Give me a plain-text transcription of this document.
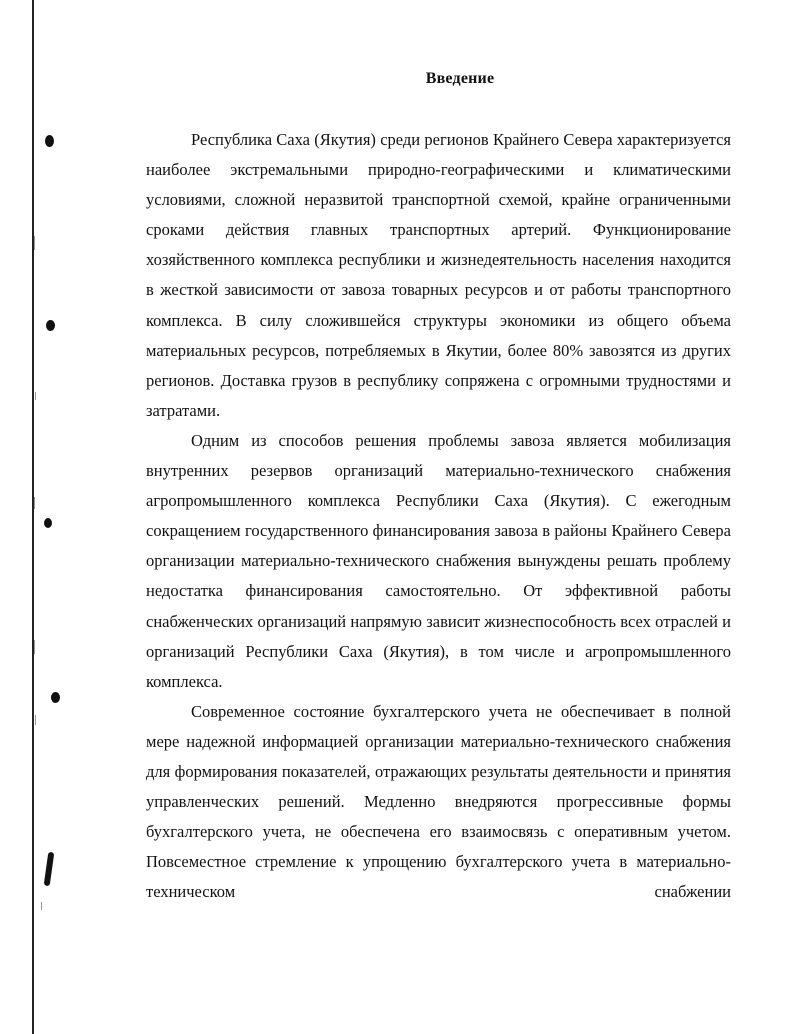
Введение

Республика Саха (Якутия) среди регионов Крайнего Севера характеризуется наиболее экстремальными природно-географическими и климатическими условиями, сложной неразвитой транспортной схемой, крайне ограниченными сроками действия главных транспортных артерий. Функционирование хозяйственного комплекса республики и жизнедеятельность населения находится в жесткой зависимости от завоза товарных ресурсов и от работы транспортного комплекса. В силу сложившейся структуры экономики из общего объема материальных ресурсов, потребляемых в Якутии, более 80% завозятся из других регионов. Доставка грузов в республику сопряжена с огромными трудностями и затратами.

Одним из способов решения проблемы завоза является мобилизация внутренних резервов организаций материально-технического снабжения агропромышленного комплекса Республики Саха (Якутия). С ежегодным сокращением государственного финансирования завоза в районы Крайнего Севера организации материально-технического снабжения вынуждены решать проблему недостатка финансирования самостоятельно. От эффективной работы снабженческих организаций напрямую зависит жизнеспособность всех отраслей и организаций Республики Саха (Якутия), в том числе и агропромышленного комплекса.

Современное состояние бухгалтерского учета не обеспечивает в полной мере надежной информацией организации материально-технического снабжения для формирования показателей, отражающих результаты деятельности и принятия управленческих решений. Медленно внедряются прогрессивные формы бухгалтерского учета, не обеспечена его взаимосвязь с оперативным учетом. Повсеместное стремление к упрощению бухгалтерского учета в материально-техническом снабжении
